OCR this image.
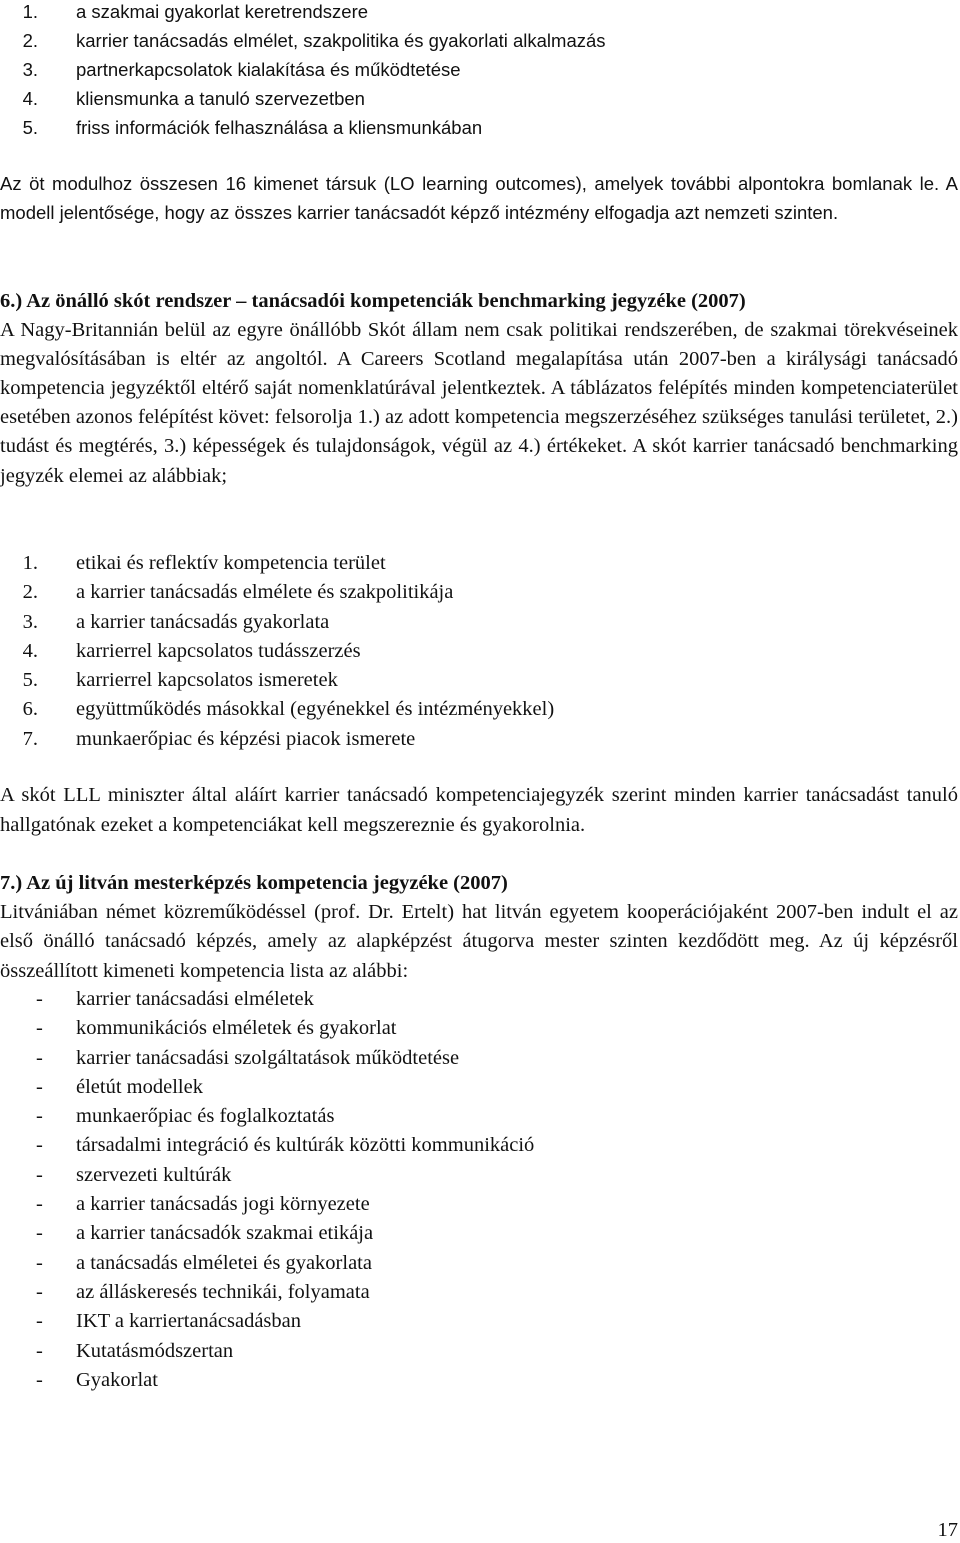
1. a szakmai gyakorlat keretrendszere
2. karrier tanácsadás elmélet, szakpolitika és gyakorlati alkalmazás
3. partnerkapcsolatok kialakítása és működtetése
4. kliensmunka a tanuló szervezetben
5. friss információk felhasználása a kliensmunkában

Az öt modulhoz összesen 16 kimenet társuk (LO learning outcomes), amelyek további alpontokra bomlanak le. A modell jelentősége, hogy az összes karrier tanácsadót képző intézmény elfogadja azt nemzeti szinten.

6.) Az önálló skót rendszer – tanácsadói kompetenciák benchmarking jegyzéke (2007)

A Nagy-Britannián belül az egyre önállóbb Skót állam nem csak politikai rendszerében, de szakmai törekvéseinek megvalósításában is eltér az angoltól. A Careers Scotland megalapítása után 2007-ben a királysági tanácsadó kompetencia jegyzéktől eltérő saját nomenklatúrával jelentkeztek. A táblázatos felépítés minden kompetenciaterület esetében azonos felépítést követ: felsorolja 1.) az adott kompetencia megszerzéséhez szükséges tanulási területet, 2.) tudást és megtérés, 3.) képességek és tulajdonságok, végül az 4.) értékeket. A skót karrier tanácsadó benchmarking jegyzék elemei az alábbiak;

1. etikai és reflektív kompetencia terület
2. a karrier tanácsadás elmélete és szakpolitikája
3. a karrier tanácsadás gyakorlata
4. karrierrel kapcsolatos tudásszerzés
5. karrierrel kapcsolatos ismeretek
6. együttműködés másokkal (egyénekkel és intézményekkel)
7. munkaerőpiac és képzési piacok ismerete

A skót LLL miniszter által aláírt karrier tanácsadó kompetenciajegyzék szerint minden karrier tanácsadást tanuló hallgatónak ezeket a kompetenciákat kell megszereznie és gyakorolnia.

7.) Az új litván mesterképzés kompetencia jegyzéke (2007)

Litvániában német közreműködéssel (prof. Dr. Ertelt) hat litván egyetem kooperációjaként 2007-ben indult el az első önálló tanácsadó képzés, amely az alapképzést átugorva mester szinten kezdődött meg. Az új képzésről összeállított kimeneti kompetencia lista az alábbi:

- karrier tanácsadási elméletek
- kommunikációs elméletek és gyakorlat
- karrier tanácsadási szolgáltatások működtetése
- életút modellek
- munkaerőpiac és foglalkoztatás
- társadalmi integráció és kultúrák közötti kommunikáció
- szervezeti kultúrák
- a karrier tanácsadás jogi környezete
- a karrier tanácsadók szakmai etikája
- a tanácsadás elméletei és gyakorlata
- az álláskeresés technikái, folyamata
- IKT a karriertanácsadásban
- Kutatásmódszertan
- Gyakorlat
17
